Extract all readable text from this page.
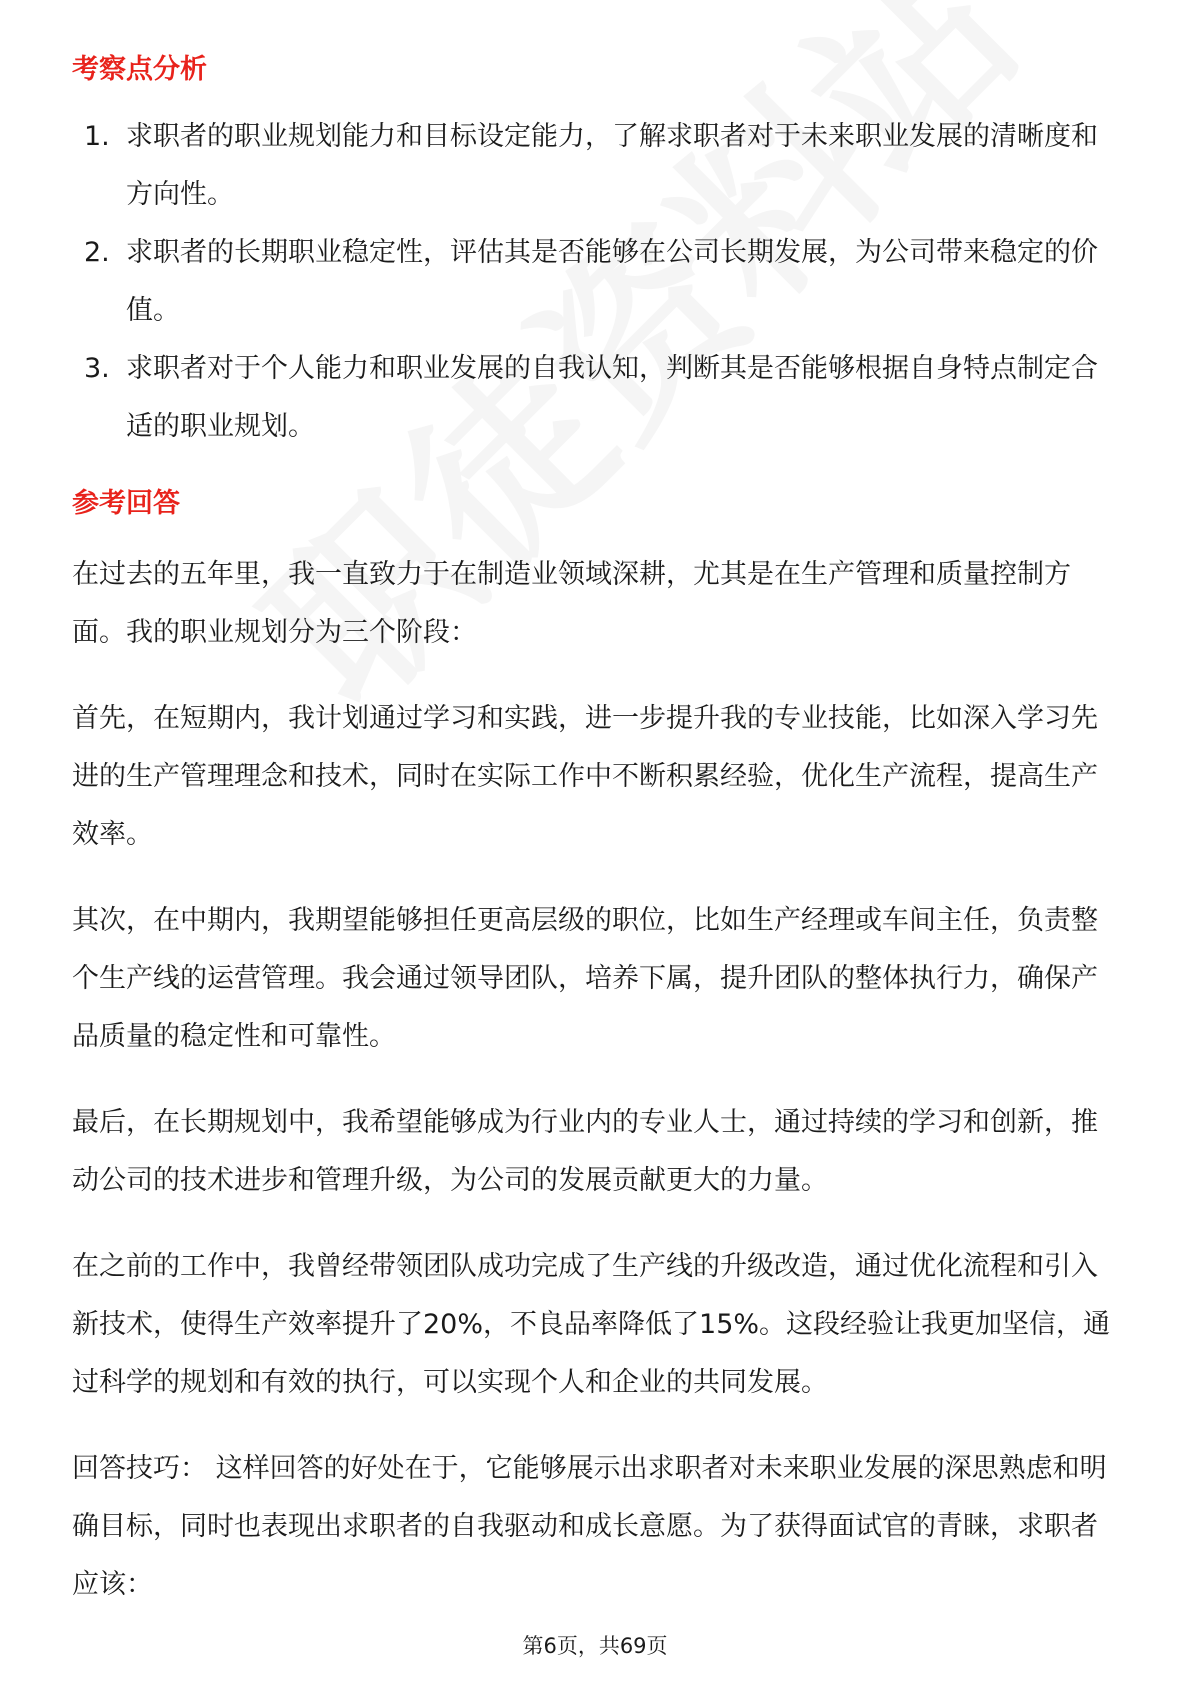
考察点分析
1. 求职者的职业规划能力和目标设定能力，了解求职者对于未来职业发展的清晰度和方向性。
2. 求职者的长期职业稳定性，评估其是否能够在公司长期发展，为公司带来稳定的价值。
3. 求职者对于个人能力和职业发展的自我认知，判断其是否能够根据自身特点制定合适的职业规划。
参考回答

在过去的五年里，我一直致力于在制造业领域深耕，尤其是在生产管理和质量控制方面。我的职业规划分为三个阶段：

首先，在短期内，我计划通过学习和实践，进一步提升我的专业技能，比如深入学习先进的生产管理理念和技术，同时在实际工作中不断积累经验，优化生产流程，提高生产效率。

其次，在中期内，我期望能够担任更高层级的职位，比如生产经理或车间主任，负责整个生产线的运营管理。我会通过领导团队，培养下属，提升团队的整体执行力，确保产品质量的稳定性和可靠性。

最后，在长期规划中，我希望能够成为行业内的专业人士，通过持续的学习和创新，推动公司的技术进步和管理升级，为公司的发展贡献更大的力量。

在之前的工作中，我曾经带领团队成功完成了生产线的升级改造，通过优化流程和引入新技术，使得生产效率提升了20%，不良品率降低了15%。这段经验让我更加坚信，通过科学的规划和有效的执行，可以实现个人和企业的共同发展。

回答技巧： 这样回答的好处在于，它能够展示出求职者对未来职业发展的深思熟虑和明确目标，同时也表现出求职者的自我驱动和成长意愿。为了获得面试官的青睐，求职者应该：

第6页，共69页
